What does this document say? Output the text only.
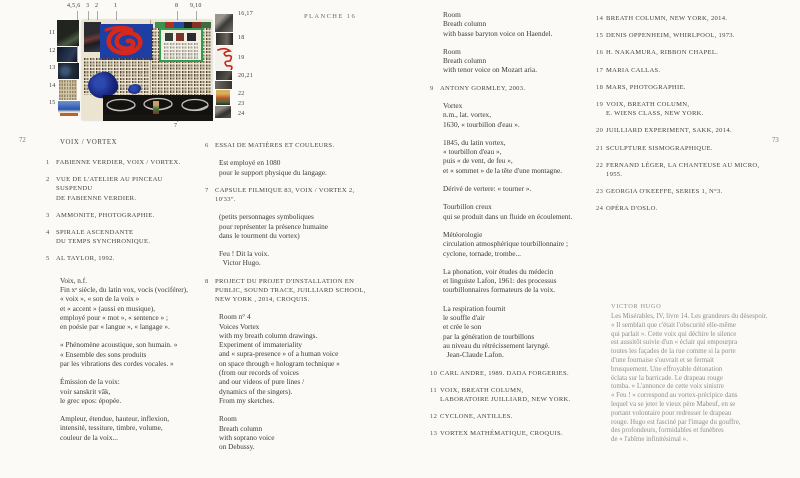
4,5,6 3 2	1	8 9,10
11
12
13
14
15
16,17
18
19
20,21
22
23
24
7
PLANCHE 16
72	73
VOIX / VORTEX
1 FABIENNE VERDIER, VOIX / VORTEX.
2 VUE DE L'ATELIER AU PINCEAU SUSPENDU
DE FABIENNE VERDIER.
3 AMMONITE, PHOTOGRAPHIE.
4 SPIRALE ASCENDANTE
DU TEMPS SYNCHRONIQUE.
5 AL TAYLOR, 1992.
Voix, n.f.
Fin xᵉ siècle, du latin vox, vocis (vociférer),
« voix », « son de la voix »
et « accent » (aussi en musique),
employé pour « mot », « sentence » ;
en poésie par « langue », « langage ».
« Phénomène acoustique, son humain. »
« Ensemble des sons produits
par les vibrations des cordes vocales. »
Émission de la voix:
voir sanskrit vāk,
le grec epos: épopée.
Ampleur, étendue, hauteur, inflexion,
intensité, tessiture, timbre, volume,
couleur de la voix...
6 ESSAI DE MATIÈRES ET COULEURS.
Est employé en 1080
pour le support physique du langage.
7 CAPSULE FILMIQUE 83, VOIX / VORTEX 2, 10'33".
(petits personnages symboliques
pour représenter la présence humaine
dans le tourment du vortex)
Feu ! Dit la voix.
Victor Hugo.
8 PROJECT DU PROJET D'INSTALLATION EN
PUBLIC, SOUND TRACE, JUILLIARD SCHOOL,
NEW YORK , 2014, CROQUIS.
Room n° 4
Voices Vortex
with my breath column drawings.
Experiment of immateriality
and « supra-presence » of a human voice
on space through « hologram technique »
(from our records of voices
and our videos of pure lines /
dynamics of the singers).
From my sketches.
Room
Breath column
with soprano voice
on Debussy.
Room
Breath column
with basse baryton voice on Haendel.
Room
Breath column
with tenor voice on Mozart aria.
9 ANTONY GORMLEY, 2003.
Vortex
n.m., lat. vortex,
1630, « tourbillon d'eau ».
1845, du latin vortex,
« tourbillon d'eau »,
puis « de vent, de feu »,
et « sommet » de la tête d'une montagne.
Dérivé de vertere: « tourner ».
Tourbillon creux
qui se produit dans un fluide en écoulement.
Météorologie
circulation atmosphérique tourbillonnaire ;
cyclone, tornade, trombe...
La phonation, voir études du médecin
et linguiste Lafon, 1961: des processus
tourbillonnaires formateurs de la voix.
La respiration fournit
le souffle d'air
et crée le son
par la génération de tourbillons
au niveau du rétrécissement laryngé.
Jean-Claude Lafon.
10 CARL ANDRE, 1989. DADA FORGERIES.
11 VOIX, BREATH COLUMN,
LABORATOIRE JUILLIARD, NEW YORK.
12 CYCLONE, ANTILLES.
13 VORTEX MATHÉMATIQUE, CROQUIS.
14 BREATH COLUMN, NEW YORK, 2014.
15 DENIS OPPENHEIM, WHIRLPOOL, 1973.
16 H. NAKAMURA, RIBBON CHAPEL.
17 MARIA CALLAS.
18 MARS, PHOTOGRAPHIE.
19 VOIX, BREATH COLUMN,
E. WIENS CLASS, NEW YORK.
20 JUILLIARD EXPERIMENT, SAKK, 2014.
21 SCULPTURE SISMOGRAPHIQUE.
22 FERNAND LÉGER, LA CHANTEUSE AU MICRO,
1955.
23 GEORGIA O'KEEFFE, SERIES 1, N°3.
24 OPÉRA D'OSLO.
VICTOR HUGO
Les Misérables, IV, livre 14. Les grandeurs du désespoir.
« Il semblait que c'était l'obscurité elle-même
qui parlait ». Cette voix qui déchire le silence
est aussitôt suivie d'un « éclair qui empourpra
toutes les façades de la rue comme si la porte
d'une fournaise s'ouvrait et se fermait
brusquement. Une effroyable détonation
éclata sur la barricade. Le drapeau rouge
tomba. » L'annonce de cette voix sinistre
« Feu ! » correspond au vortex-précipice dans
lequel va se jeter le vieux père Mabeuf, en se
portant volontaire pour redresser le drapeau
rouge. Hugo est fasciné par l'image du gouffre,
des profondeurs, formidables et funèbres
de « l'abîme infinitésimal ».
